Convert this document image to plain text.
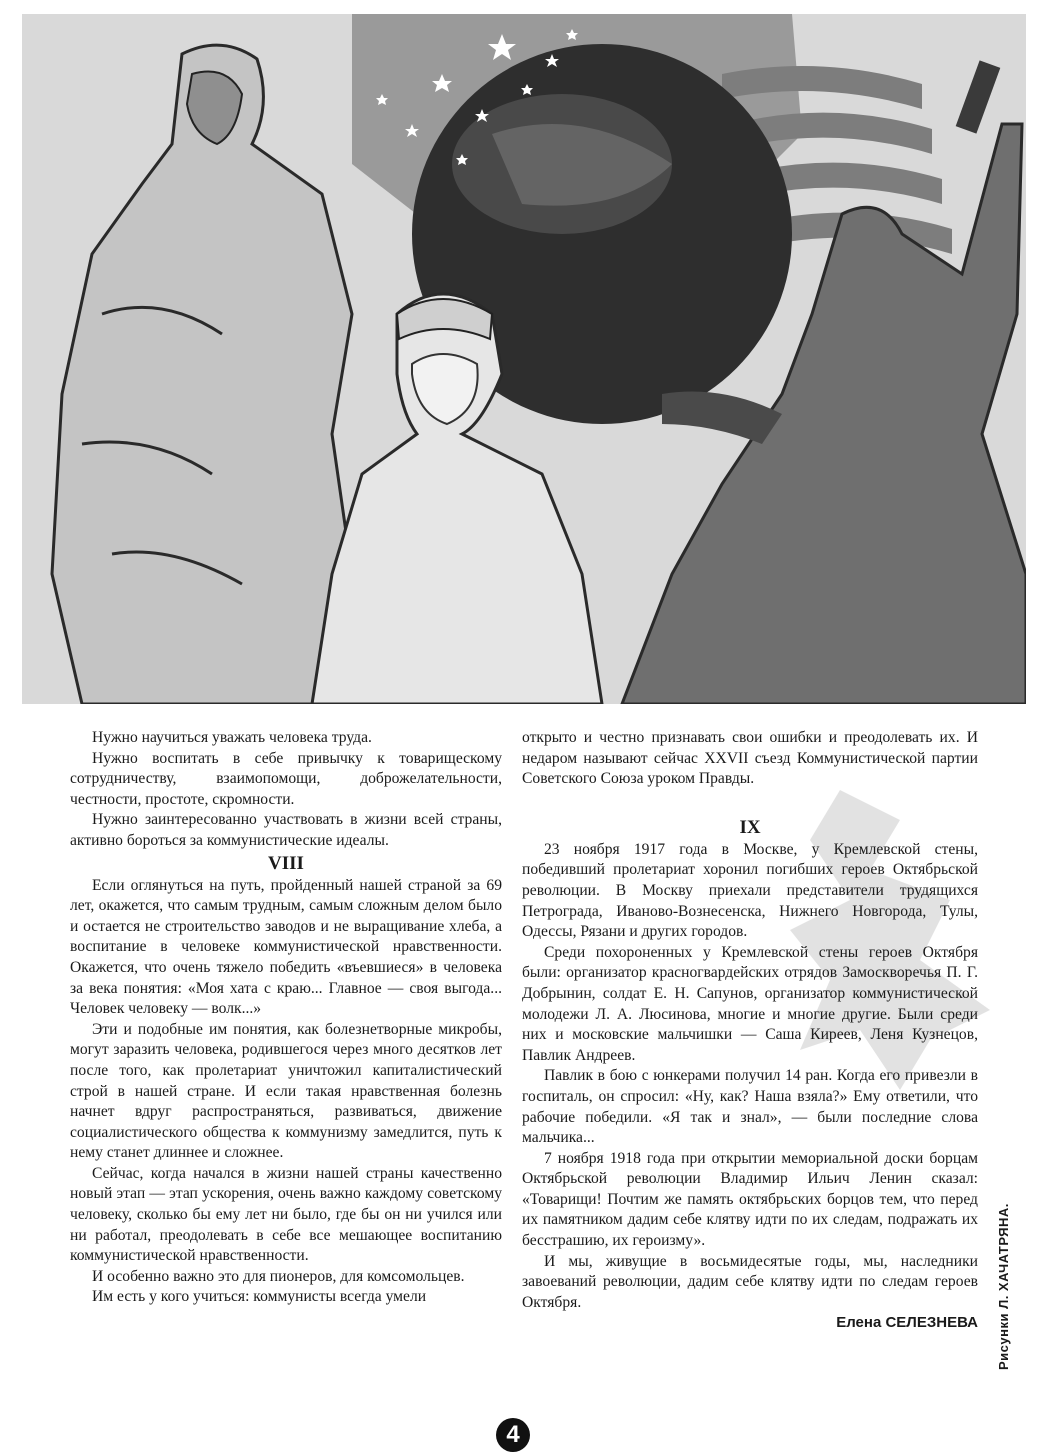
Нужно научиться уважать человека труда.

Нужно воспитать в себе привычку к товарищескому сотрудничеству, взаимопомощи, доброжелательности, честности, простоте, скромности.

Нужно заинтересованно участвовать в жизни всей страны, активно бороться за коммунистические идеалы.

VIII

Если оглянуться на путь, пройденный нашей страной за 69 лет, окажется, что самым трудным, самым сложным делом было и остается не строительство заводов и не выращивание хлеба, а воспитание в человеке коммунистической нравственности. Окажется, что очень тяжело победить «въевшиеся» в человека за века понятия: «Моя хата с краю... Главное — своя выгода... Человек человеку — волк...»

Эти и подобные им понятия, как болезнетворные микробы, могут заразить человека, родившегося через много десятков лет после того, как пролетариат уничтожил капиталистический строй в нашей стране. И если такая нравственная болезнь начнет вдруг распространяться, развиваться, движение социалистического общества к коммунизму замедлится, путь к нему станет длиннее и сложнее.

Сейчас, когда начался в жизни нашей страны качественно новый этап — этап ускорения, очень важно каждому советскому человеку, сколько бы ему лет ни было, где бы он ни учился или ни работал, преодолевать в себе все мешающее воспитанию коммунистической нравственности.

И особенно важно это для пионеров, для комсомольцев.

Им есть у кого учиться: коммунисты всегда умели

открыто и честно признавать свои ошибки и преодолевать их. И недаром называют сейчас XXVII съезд Коммунистической партии Советского Союза уроком Правды.

IX

23 ноября 1917 года в Москве, у Кремлевской стены, победивший пролетариат хоронил погибших героев Октябрьской революции. В Москву приехали представители трудящихся Петрограда, Иваново-Вознесенска, Нижнего Новгорода, Тулы, Одессы, Рязани и других городов.

Среди похороненных у Кремлевской стены героев Октября были: организатор красногвардейских отрядов Замоскворечья П. Г. Добрынин, солдат Е. Н. Сапунов, организатор коммунистической молодежи Л. А. Люсинова, многие и многие другие. Были среди них и московские мальчишки — Саша Киреев, Леня Кузнецов, Павлик Андреев.

Павлик в бою с юнкерами получил 14 ран. Когда его привезли в госпиталь, он спросил: «Ну, как? Наша взяла?» Ему ответили, что рабочие победили. «Я так и знал», — были последние слова мальчика...

7 ноября 1918 года при открытии мемориальной доски борцам Октябрьской революции Владимир Ильич Ленин сказал: «Товарищи! Почтим же память октябрьских борцов тем, что перед их памятником дадим себе клятву идти по их следам, подражать их бесстрашию, их героизму».

И мы, живущие в восьмидесятые годы, мы, наследники завоеваний революции, дадим себе клятву идти по следам героев Октября.

Елена СЕЛЕЗНЕВА Рисунки Л. ХАЧАТРЯНА.
4
